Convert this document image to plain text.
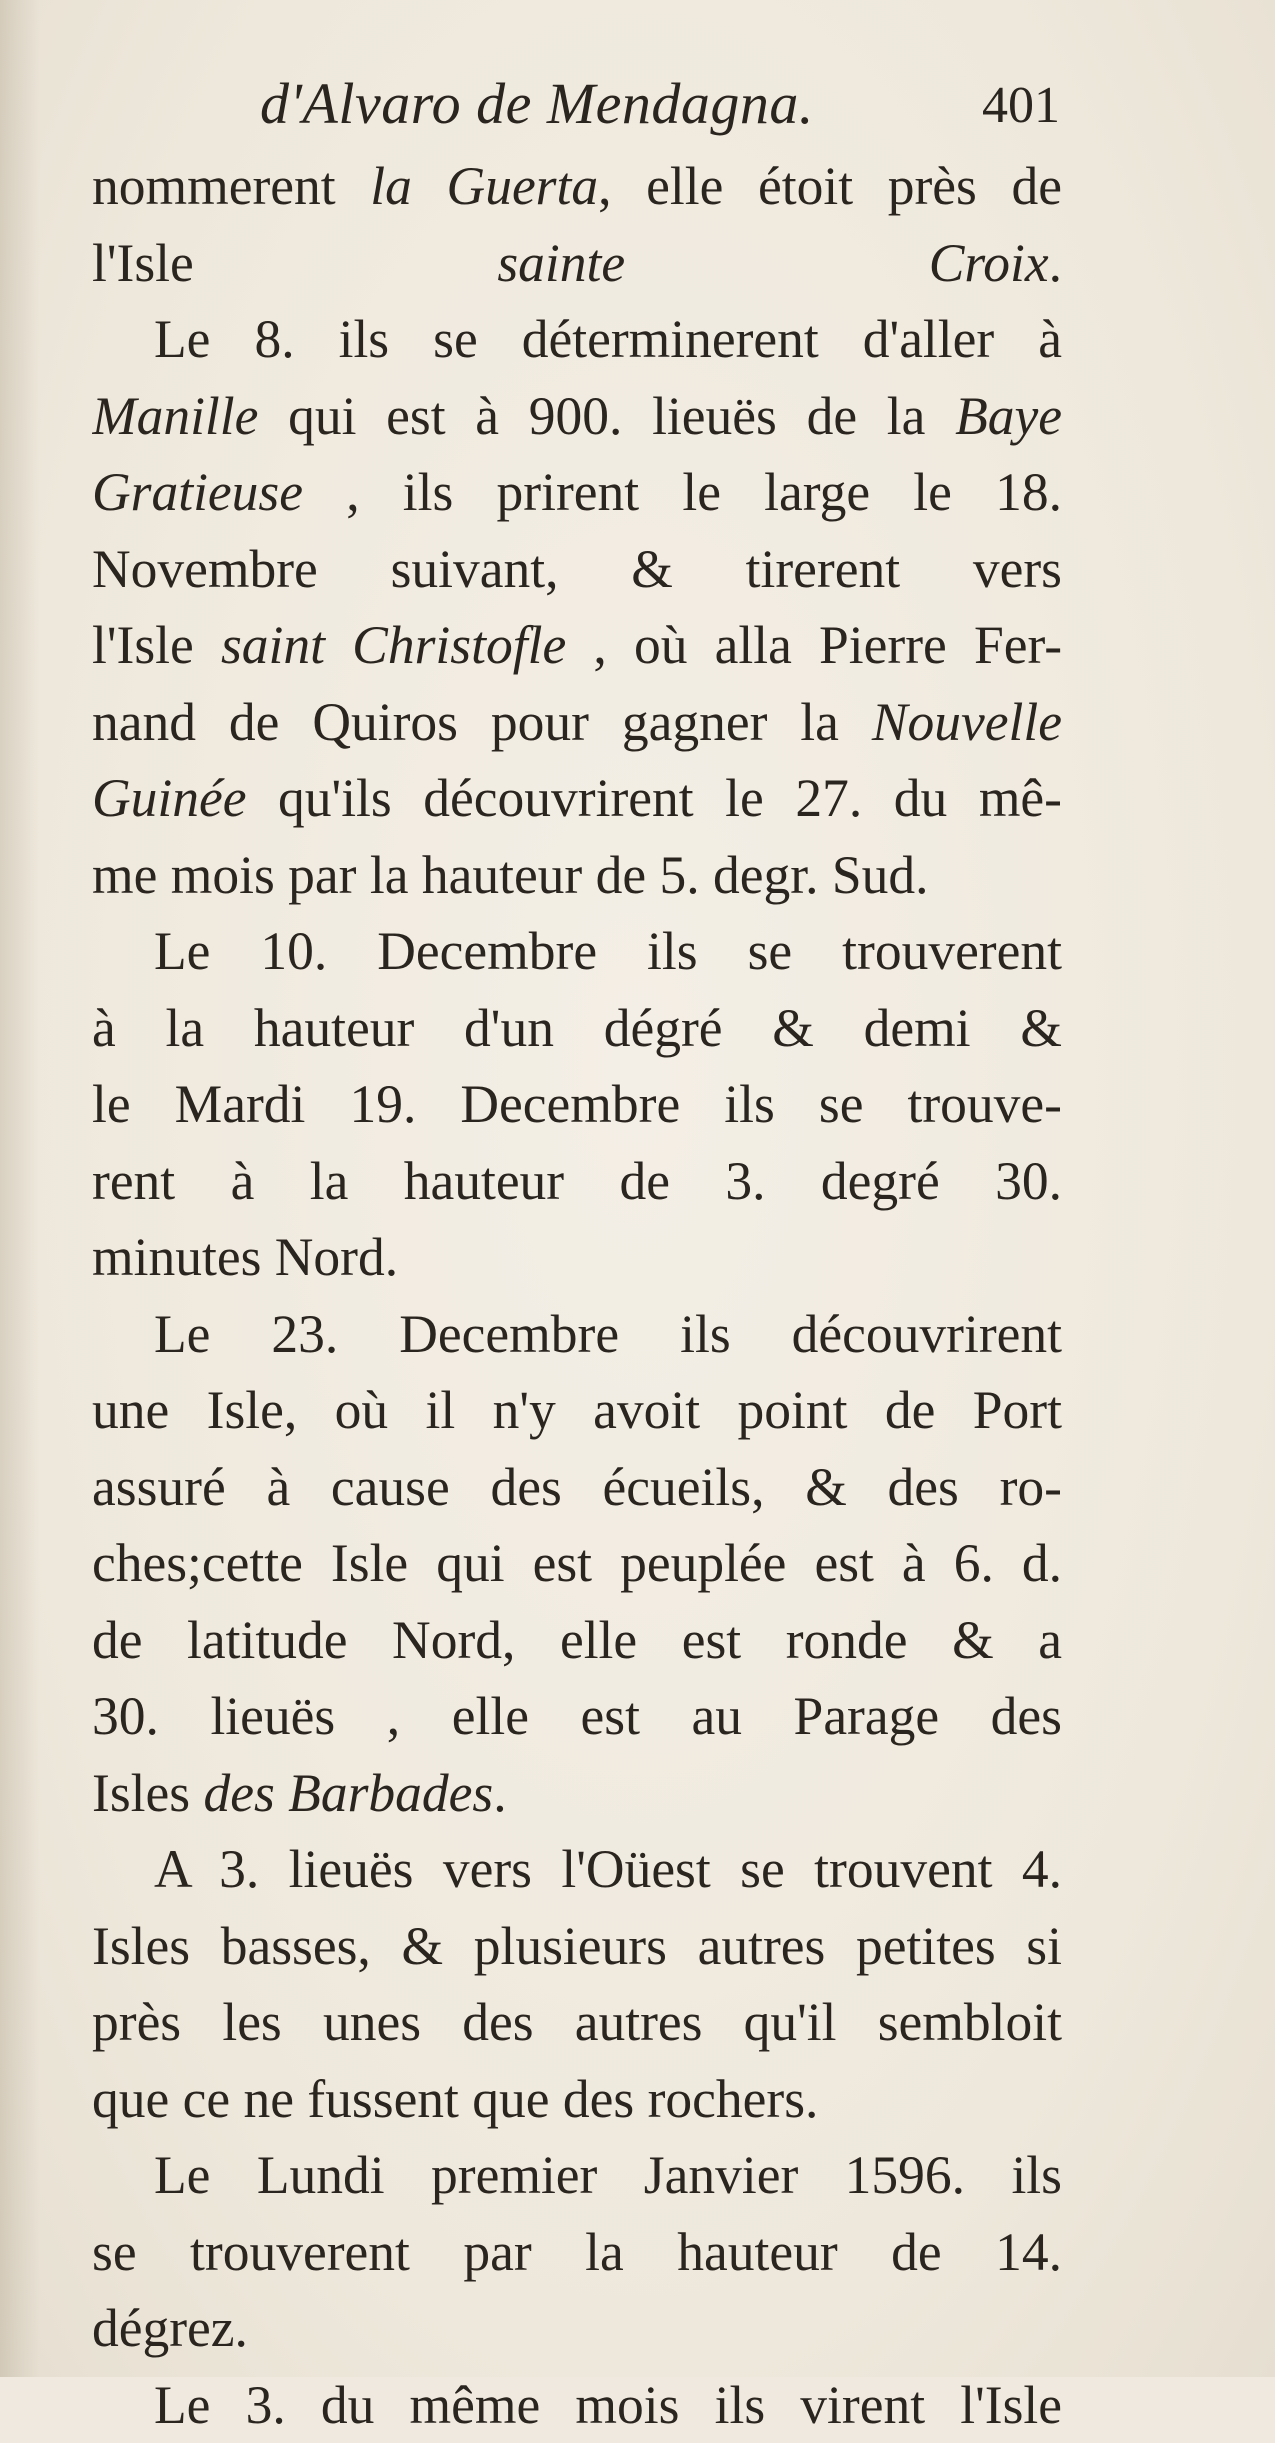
d'Alvaro de Mendagna.	401
nommerent la Guerta, elle étoit près de
l'Isle sainte Croix.
Le 8. ils se déterminerent d'aller à
Manille qui est à 900. lieuës de la Baye
Gratieuse , ils prirent le large le 18.
Novembre suivant, & tirerent vers
l'Isle saint Christofle , où alla Pierre Fer-
nand de Quiros pour gagner la Nouvelle
Guinée qu'ils découvrirent le 27. du mê-
me mois par la hauteur de 5. degr. Sud.
Le 10. Decembre ils se trouverent
à la hauteur d'un dégré & demi &
le Mardi 19. Decembre ils se trouve-
rent à la hauteur de 3. degré 30.
minutes Nord.
Le 23. Decembre ils découvrirent
une Isle, où il n'y avoit point de Port
assuré à cause des écueils, & des ro-
ches;cette Isle qui est peuplée est à 6. d.
de latitude Nord, elle est ronde & a
30. lieuës , elle est au Parage des
Isles des Barbades.
A 3. lieuës vers l'Oüest se trouvent 4.
Isles basses, & plusieurs autres petites si
près les unes des autres qu'il sembloit
que ce ne fussent que des rochers.
Le Lundi premier Janvier 1596. ils
se trouverent par la hauteur de 14.
dégrez.
Le 3. du même mois ils virent l'Isle
